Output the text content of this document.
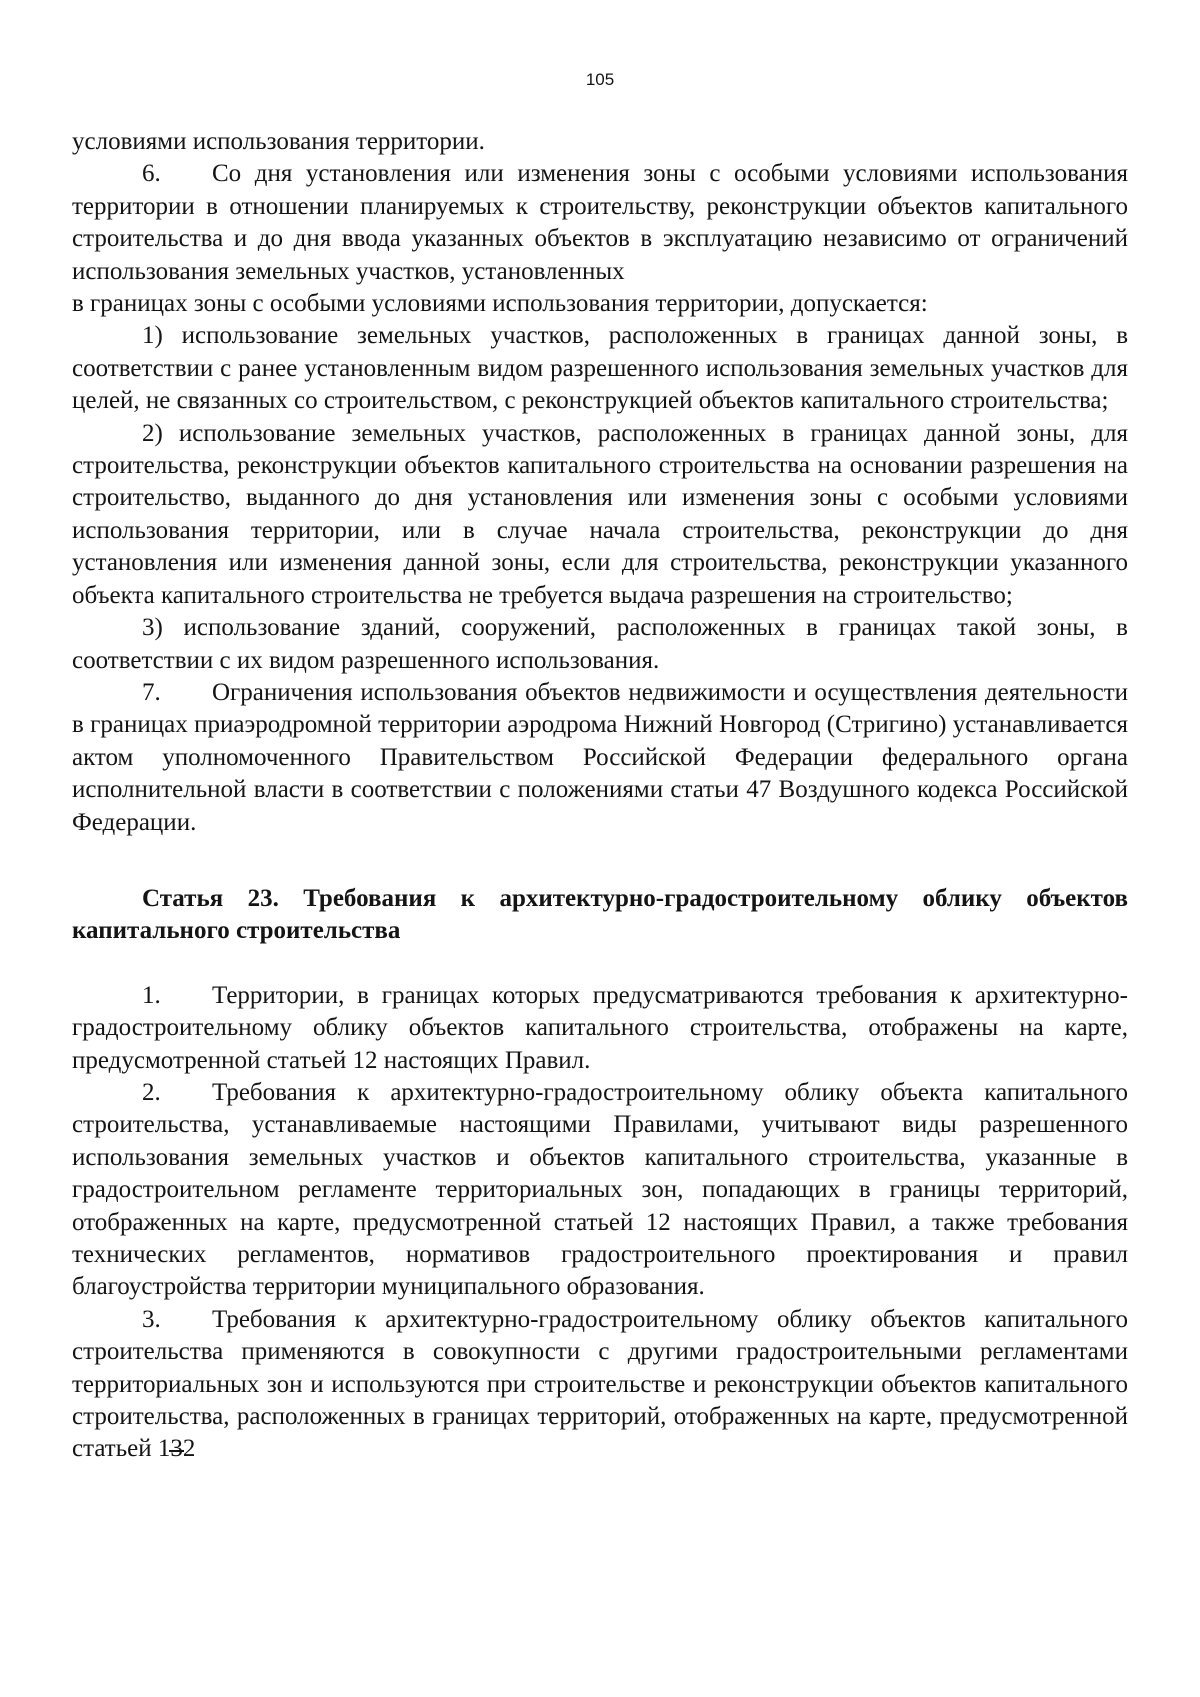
105

условиями использования территории.

6. Со дня установления или изменения зоны с особыми условиями использования территории в отношении планируемых к строительству, реконструкции объектов капитального строительства и до дня ввода указанных объектов в эксплуатацию независимо от ограничений использования земельных участков, установленных

в границах зоны с особыми условиями использования территории, допускается:

1) использование земельных участков, расположенных в границах данной зоны, в соответствии с ранее установленным видом разрешенного использования земельных участков для целей, не связанных со строительством, с реконструкцией объектов капитального строительства;

2) использование земельных участков, расположенных в границах данной зоны, для строительства, реконструкции объектов капитального строительства на основании разрешения на строительство, выданного до дня установления или изменения зоны с особыми условиями использования территории, или в случае начала строительства, реконструкции до дня установления или изменения данной зоны, если для строительства, реконструкции указанного объекта капитального строительства не требуется выдача разрешения на строительство;

3) использование зданий, сооружений, расположенных в границах такой зоны, в соответствии с их видом разрешенного использования.

7. Ограничения использования объектов недвижимости и осуществления деятельности в границах приаэродромной территории аэродрома Нижний Новгород (Стригино) устанавливается актом уполномоченного Правительством Российской Федерации федерального органа исполнительной власти в соответствии с положениями статьи 47 Воздушного кодекса Российской Федерации.

Статья 23. Требования к архитектурно-градостроительному облику объектов капитального строительства

1. Территории, в границах которых предусматриваются требования к архитектурно-градостроительному облику объектов капитального строительства, отображены на карте, предусмотренной статьей 12 настоящих Правил.

2. Требования к архитектурно-градостроительному облику объекта капитального строительства, устанавливаемые настоящими Правилами, учитывают виды разрешенного использования земельных участков и объектов капитального строительства, указанные в градостроительном регламенте территориальных зон, попадающих в границы территорий, отображенных на карте, предусмотренной статьей 12 настоящих Правил, а также требования технических регламентов, нормативов градостроительного проектирования и правил благоустройства территории муниципального образования.

3. Требования к архитектурно-градостроительному облику объектов капитального строительства применяются в совокупности с другими градостроительными регламентами территориальных зон и используются при строительстве и реконструкции объектов капитального строительства, расположенных в границах территорий, отображенных на карте, предусмотренной статьей 132
